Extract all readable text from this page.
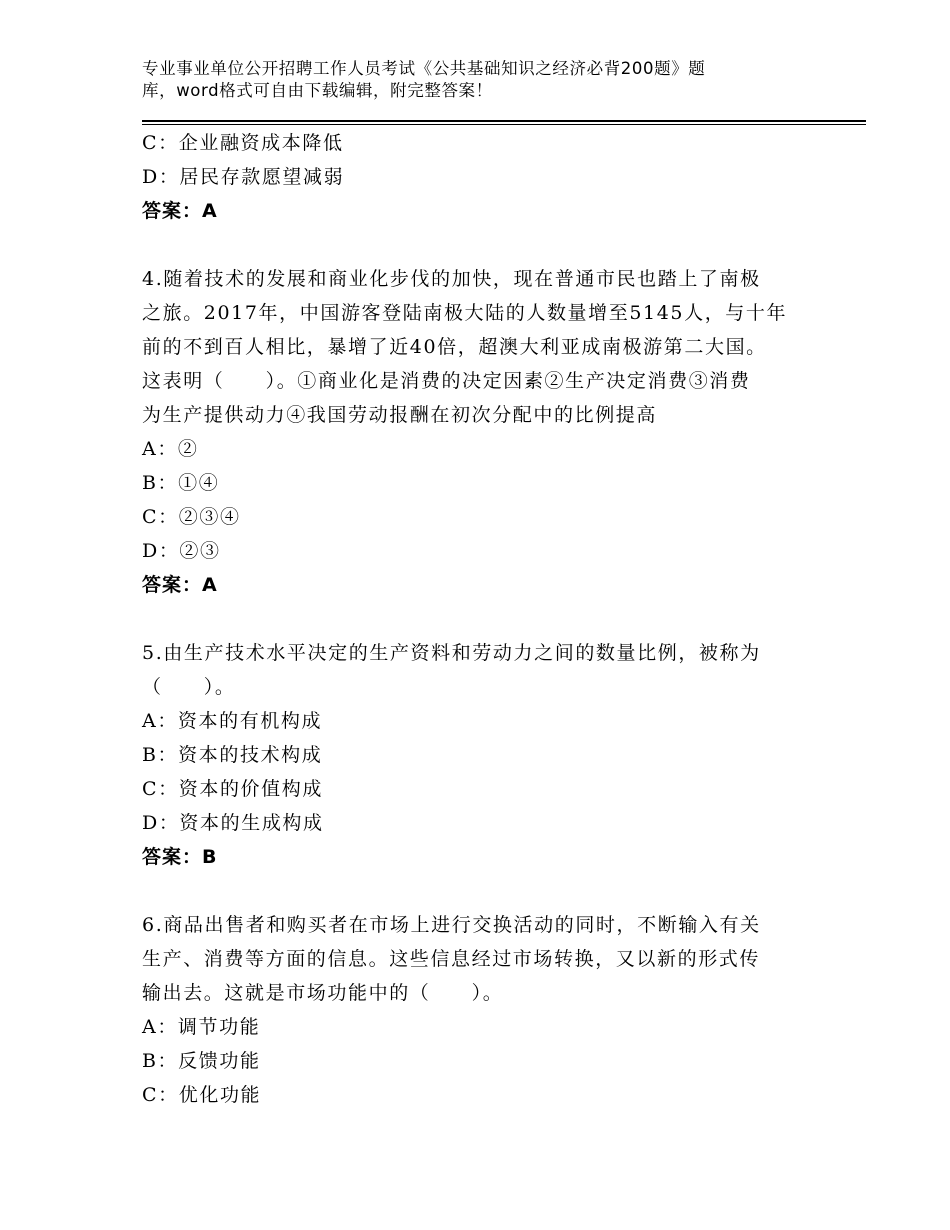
专业事业单位公开招聘工作人员考试《公共基础知识之经济必背200题》题
库，word格式可自由下载编辑，附完整答案！
C：企业融资成本降低
D：居民存款愿望减弱
答案：A
4.随着技术的发展和商业化步伐的加快，现在普通市民也踏上了南极
之旅。2017年，中国游客登陆南极大陆的人数量增至5145人，与十年
前的不到百人相比，暴增了近40倍，超澳大利亚成南极游第二大国。
这表明（　　）。①商业化是消费的决定因素②生产决定消费③消费
为生产提供动力④我国劳动报酬在初次分配中的比例提高
A：②
B：①④
C：②③④
D：②③
答案：A
5.由生产技术水平决定的生产资料和劳动力之间的数量比例，被称为
（　　）。
A：资本的有机构成
B：资本的技术构成
C：资本的价值构成
D：资本的生成构成
答案：B
6.商品出售者和购买者在市场上进行交换活动的同时，不断输入有关
生产、消费等方面的信息。这些信息经过市场转换，又以新的形式传
输出去。这就是市场功能中的（　　）。
A：调节功能
B：反馈功能
C：优化功能
